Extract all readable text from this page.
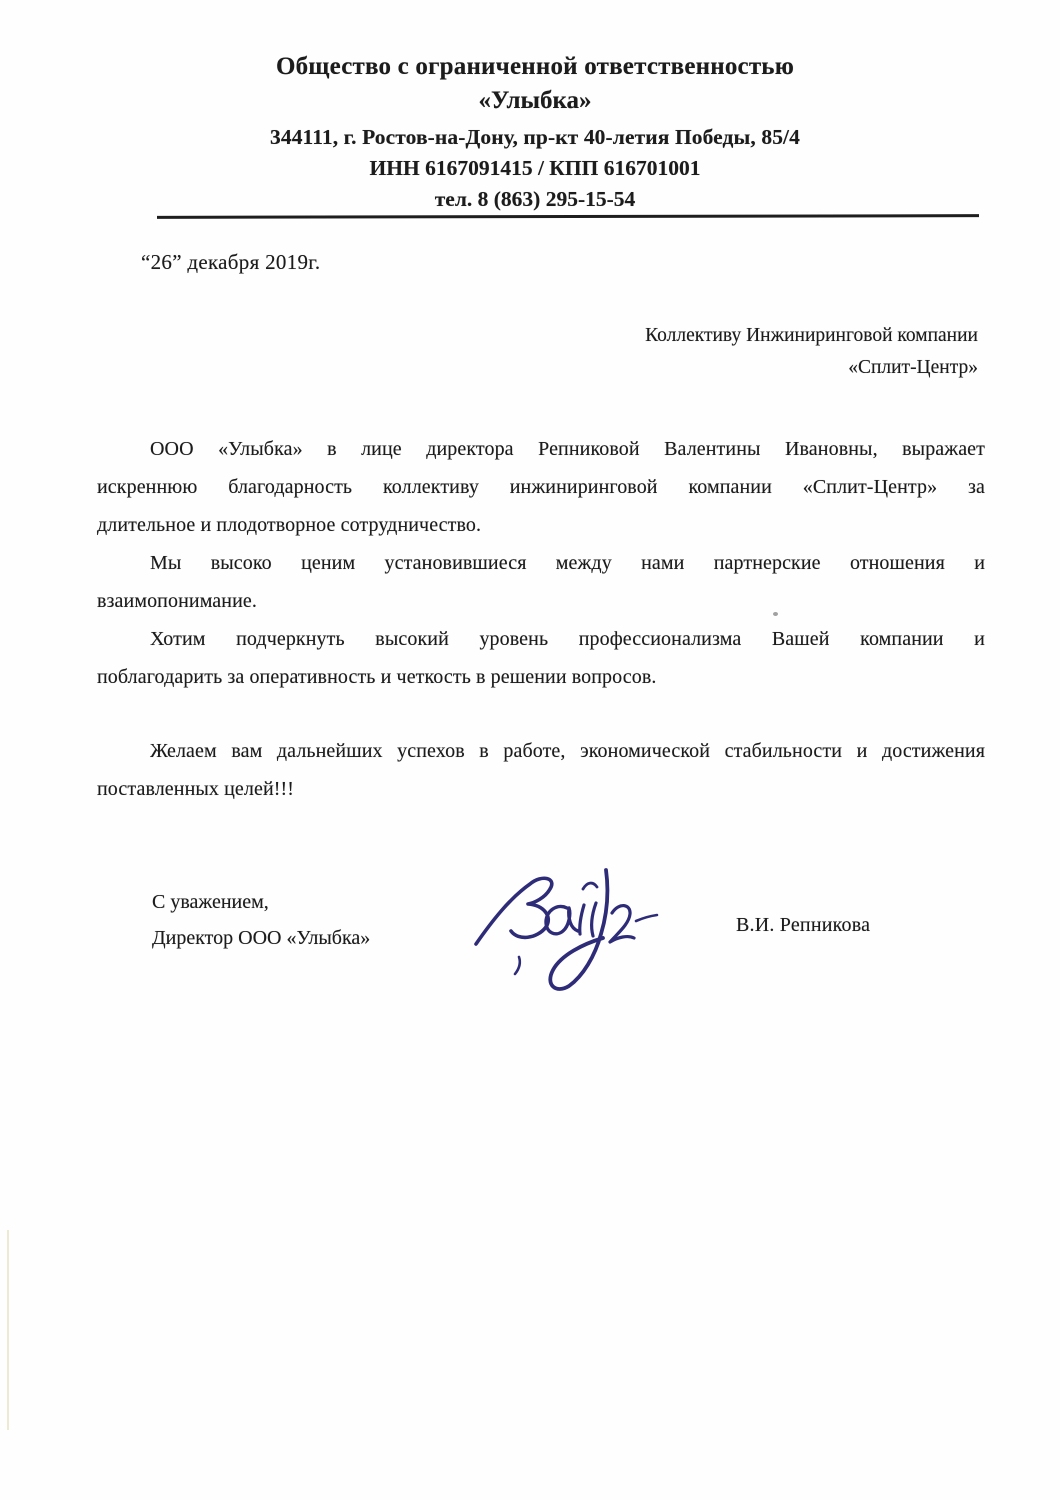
Общество с ограниченной ответственностью
«Улыбка»
344111, г. Ростов-на-Дону, пр-кт 40-летия Победы, 85/4
ИНН 6167091415 / КПП 616701001
тел. 8 (863) 295-15-54
“26” декабря 2019г.
Коллективу Инжиниринговой компании
«Сплит-Центр»
ООО «Улыбка» в лице директора Репниковой Валентины Ивановны, выражает
искреннюю благодарность коллективу инжиниринговой компании «Сплит-Центр» за
длительное и плодотворное сотрудничество.
Мы высоко ценим установившиеся между нами партнерские отношения и
взаимопонимание.
Хотим подчеркнуть высокий уровень профессионализма Вашей компании и
поблагодарить за оперативность и четкость в решении вопросов.
Желаем вам дальнейших успехов в работе, экономической стабильности и достижения
поставленных целей!!!
С уважением,
Директор ООО «Улыбка»
В.И. Репникова
